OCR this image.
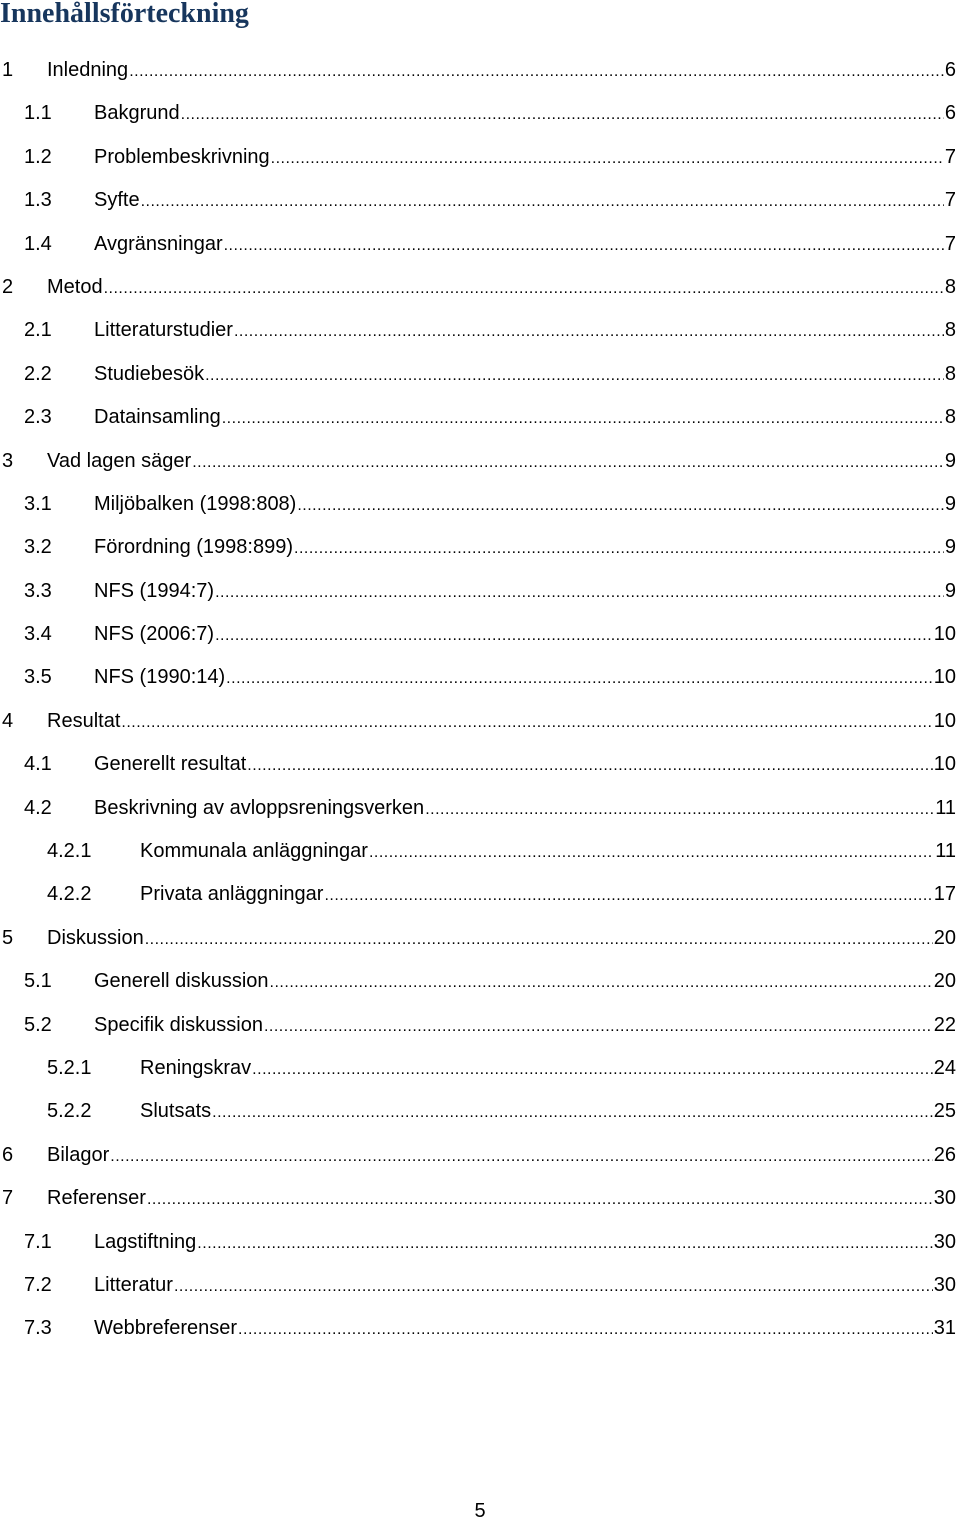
Innehållsförteckning
1 Inledning .....	6
1.1 Bakgrund .....	6
1.2 Problembeskrivning .....	7
1.3 Syfte .....	7
1.4 Avgränsningar .....	7
2 Metod .....	8
2.1 Litteraturstudier .....	8
2.2 Studiebesök .....	8
2.3 Datainsamling .....	8
3 Vad lagen säger .....	9
3.1 Miljöbalken (1998:808) .....	9
3.2 Förordning (1998:899) .....	9
3.3 NFS (1994:7) .....	9
3.4 NFS (2006:7) .....	10
3.5 NFS (1990:14) .....	10
4 Resultat .....	10
4.1 Generellt resultat .....	10
4.2 Beskrivning av avloppsreningsverken .....	11
4.2.1 Kommunala anläggningar .....	11
4.2.2 Privata anläggningar .....	17
5 Diskussion .....	20
5.1 Generell diskussion .....	20
5.2 Specifik diskussion .....	22
5.2.1 Reningskrav .....	24
5.2.2 Slutsats .....	25
6 Bilagor .....	26
7 Referenser .....	30
7.1 Lagstiftning .....	30
7.2 Litteratur .....	30
7.3 Webbreferenser .....	31
5
